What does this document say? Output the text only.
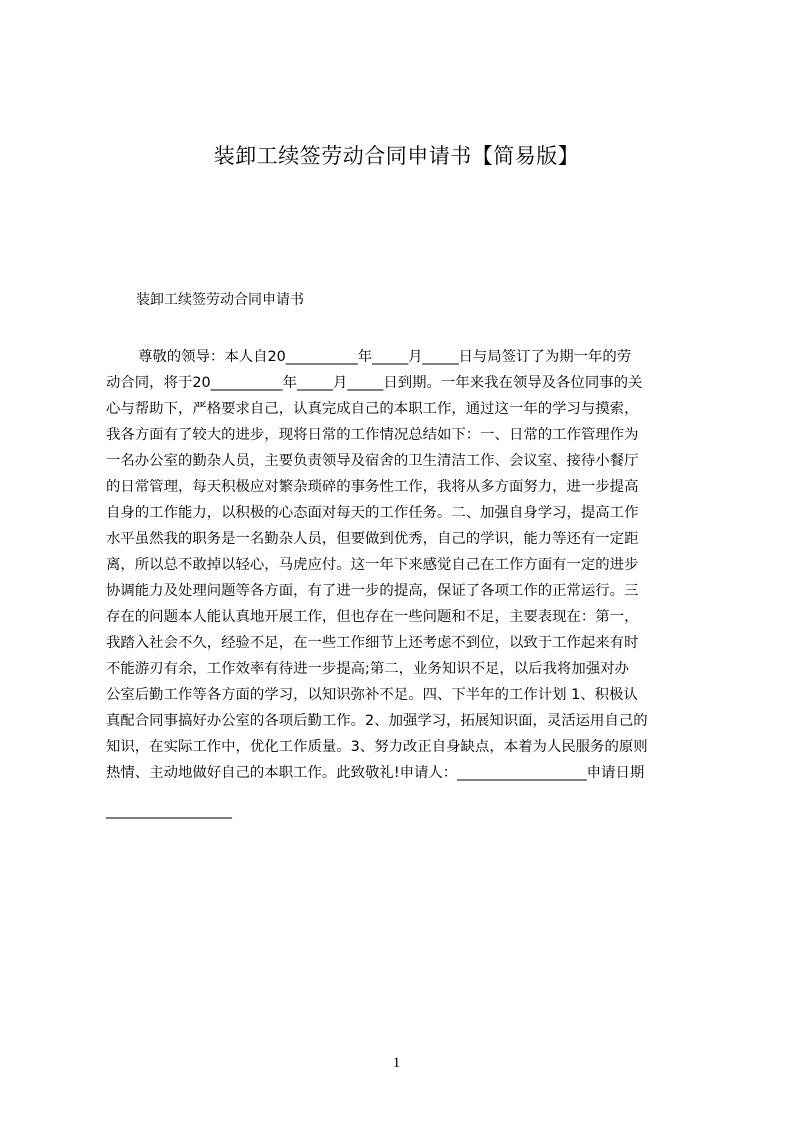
装卸工续签劳动合同申请书【简易版】
装卸工续签劳动合同申请书
尊敬的领导：本人自20__________年_____月_____日与局签订了为期一年的劳
动合同，将于20__________年_____月_____日到期。一年来我在领导及各位同事的关
心与帮助下，严格要求自己，认真完成自己的本职工作，通过这一年的学习与摸索，
我各方面有了较大的进步，现将日常的工作情况总结如下：一、日常的工作管理作为
一名办公室的勤杂人员，主要负责领导及宿舍的卫生清洁工作、会议室、接待小餐厅
的日常管理，每天积极应对繁杂琐碎的事务性工作，我将从多方面努力，进一步提高
自身的工作能力，以积极的心态面对每天的工作任务。二、加强自身学习，提高工作
水平虽然我的职务是一名勤杂人员，但要做到优秀，自己的学识，能力等还有一定距
离，所以总不敢掉以轻心，马虎应付。这一年下来感觉自己在工作方面有一定的进步
协调能力及处理问题等各方面，有了进一步的提高，保证了各项工作的正常运行。三
存在的问题本人能认真地开展工作，但也存在一些问题和不足，主要表现在：第一，
我踏入社会不久，经验不足，在一些工作细节上还考虑不到位，以致于工作起来有时
不能游刃有余，工作效率有待进一步提高;第二，业务知识不足，以后我将加强对办
公室后勤工作等各方面的学习，以知识弥补不足。四、下半年的工作计划 1、积极认
真配合同事搞好办公室的各项后勤工作。2、加强学习，拓展知识面，灵活运用自己的
知识，在实际工作中，优化工作质量。3、努力改正自身缺点，本着为人民服务的原则
热情、主动地做好自己的本职工作。此致敬礼!申请人：__________________申请日期
__________________
1
